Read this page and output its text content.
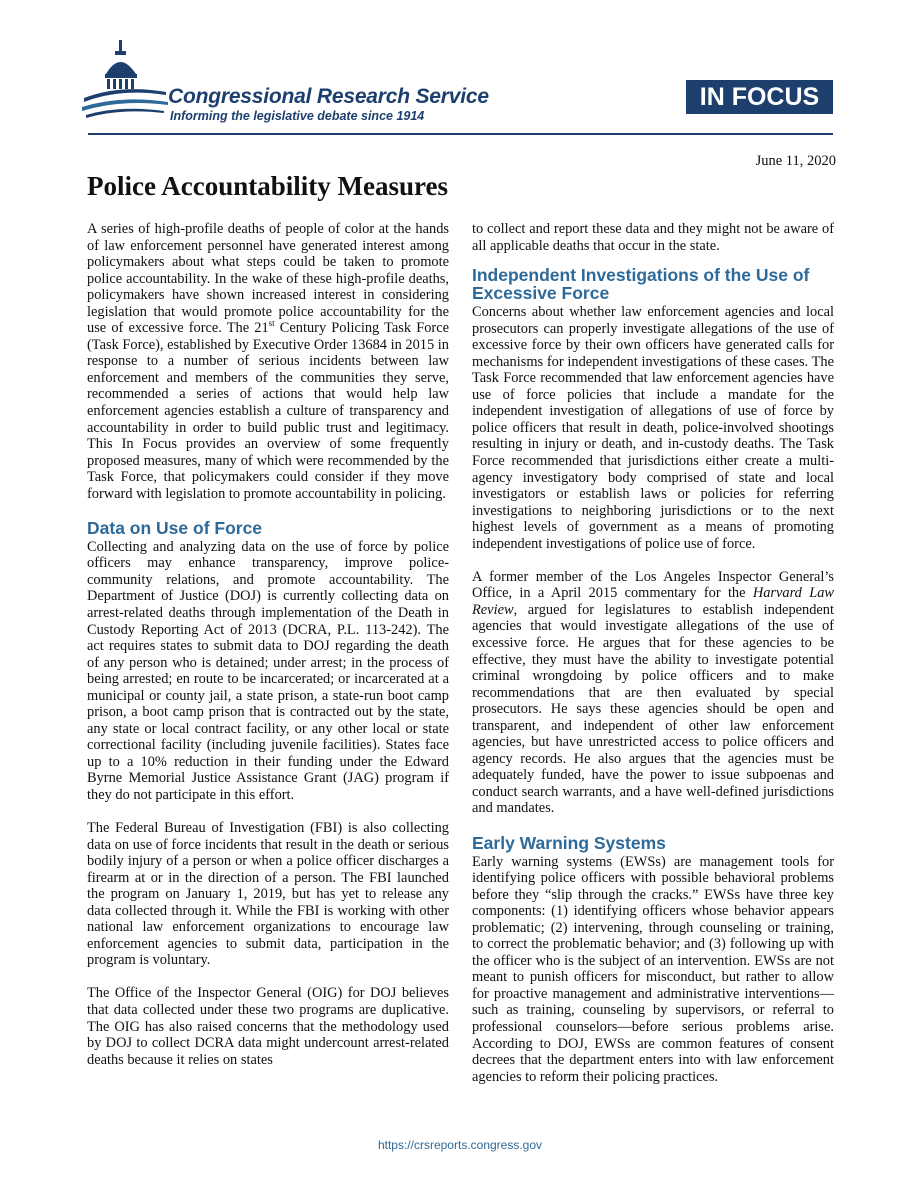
Congressional Research Service
Informing the legislative debate since 1914
IN FOCUS
June 11, 2020
Police Accountability Measures

A series of high-profile deaths of people of color at the hands of law enforcement personnel have generated interest among policymakers about what steps could be taken to promote police accountability. In the wake of these high-profile deaths, policymakers have shown increased interest in considering legislation that would promote police accountability for the use of excessive force. The 21st Century Policing Task Force (Task Force), established by Executive Order 13684 in 2015 in response to a number of serious incidents between law enforcement and members of the communities they serve, recommended a series of actions that would help law enforcement agencies establish a culture of transparency and accountability in order to build public trust and legitimacy. This In Focus provides an overview of some frequently proposed measures, many of which were recommended by the Task Force, that policymakers could consider if they move forward with legislation to promote accountability in policing.

Data on Use of Force

Collecting and analyzing data on the use of force by police officers may enhance transparency, improve police-community relations, and promote accountability. The Department of Justice (DOJ) is currently collecting data on arrest-related deaths through implementation of the Death in Custody Reporting Act of 2013 (DCRA, P.L. 113-242). The act requires states to submit data to DOJ regarding the death of any person who is detained; under arrest; in the process of being arrested; en route to be incarcerated; or incarcerated at a municipal or county jail, a state prison, a state-run boot camp prison, a boot camp prison that is contracted out by the state, any state or local contract facility, or any other local or state correctional facility (including juvenile facilities). States face up to a 10% reduction in their funding under the Edward Byrne Memorial Justice Assistance Grant (JAG) program if they do not participate in this effort.

The Federal Bureau of Investigation (FBI) is also collecting data on use of force incidents that result in the death or serious bodily injury of a person or when a police officer discharges a firearm at or in the direction of a person. The FBI launched the program on January 1, 2019, but has yet to release any data collected through it. While the FBI is working with other national law enforcement organizations to encourage law enforcement agencies to submit data, participation in the program is voluntary.

The Office of the Inspector General (OIG) for DOJ believes that data collected under these two programs are duplicative. The OIG has also raised concerns that the methodology used by DOJ to collect DCRA data might undercount arrest-related deaths because it relies on states

to collect and report these data and they might not be aware of all applicable deaths that occur in the state.

Independent Investigations of the Use of Excessive Force

Concerns about whether law enforcement agencies and local prosecutors can properly investigate allegations of the use of excessive force by their own officers have generated calls for mechanisms for independent investigations of these cases. The Task Force recommended that law enforcement agencies have use of force policies that include a mandate for the independent investigation of allegations of use of force by police officers that result in death, police-involved shootings resulting in injury or death, and in-custody deaths. The Task Force recommended that jurisdictions either create a multi-agency investigatory body comprised of state and local investigators or establish laws or policies for referring investigations to neighboring jurisdictions or to the next highest levels of government as a means of promoting independent investigations of police use of force.

A former member of the Los Angeles Inspector General’s Office, in a April 2015 commentary for the Harvard Law Review, argued for legislatures to establish independent agencies that would investigate allegations of the use of excessive force. He argues that for these agencies to be effective, they must have the ability to investigate potential criminal wrongdoing by police officers and to make recommendations that are then evaluated by special prosecutors. He says these agencies should be open and transparent, and independent of other law enforcement agencies, but have unrestricted access to police officers and agency records. He also argues that the agencies must be adequately funded, have the power to issue subpoenas and conduct search warrants, and a have well-defined jurisdictions and mandates.

Early Warning Systems

Early warning systems (EWSs) are management tools for identifying police officers with possible behavioral problems before they “slip through the cracks.” EWSs have three key components: (1) identifying officers whose behavior appears problematic; (2) intervening, through counseling or training, to correct the problematic behavior; and (3) following up with the officer who is the subject of an intervention. EWSs are not meant to punish officers for misconduct, but rather to allow for proactive management and administrative interventions—such as training, counseling by supervisors, or referral to professional counselors—before serious problems arise. According to DOJ, EWSs are common features of consent decrees that the department enters into with law enforcement agencies to reform their policing practices.

https://crsreports.congress.gov
